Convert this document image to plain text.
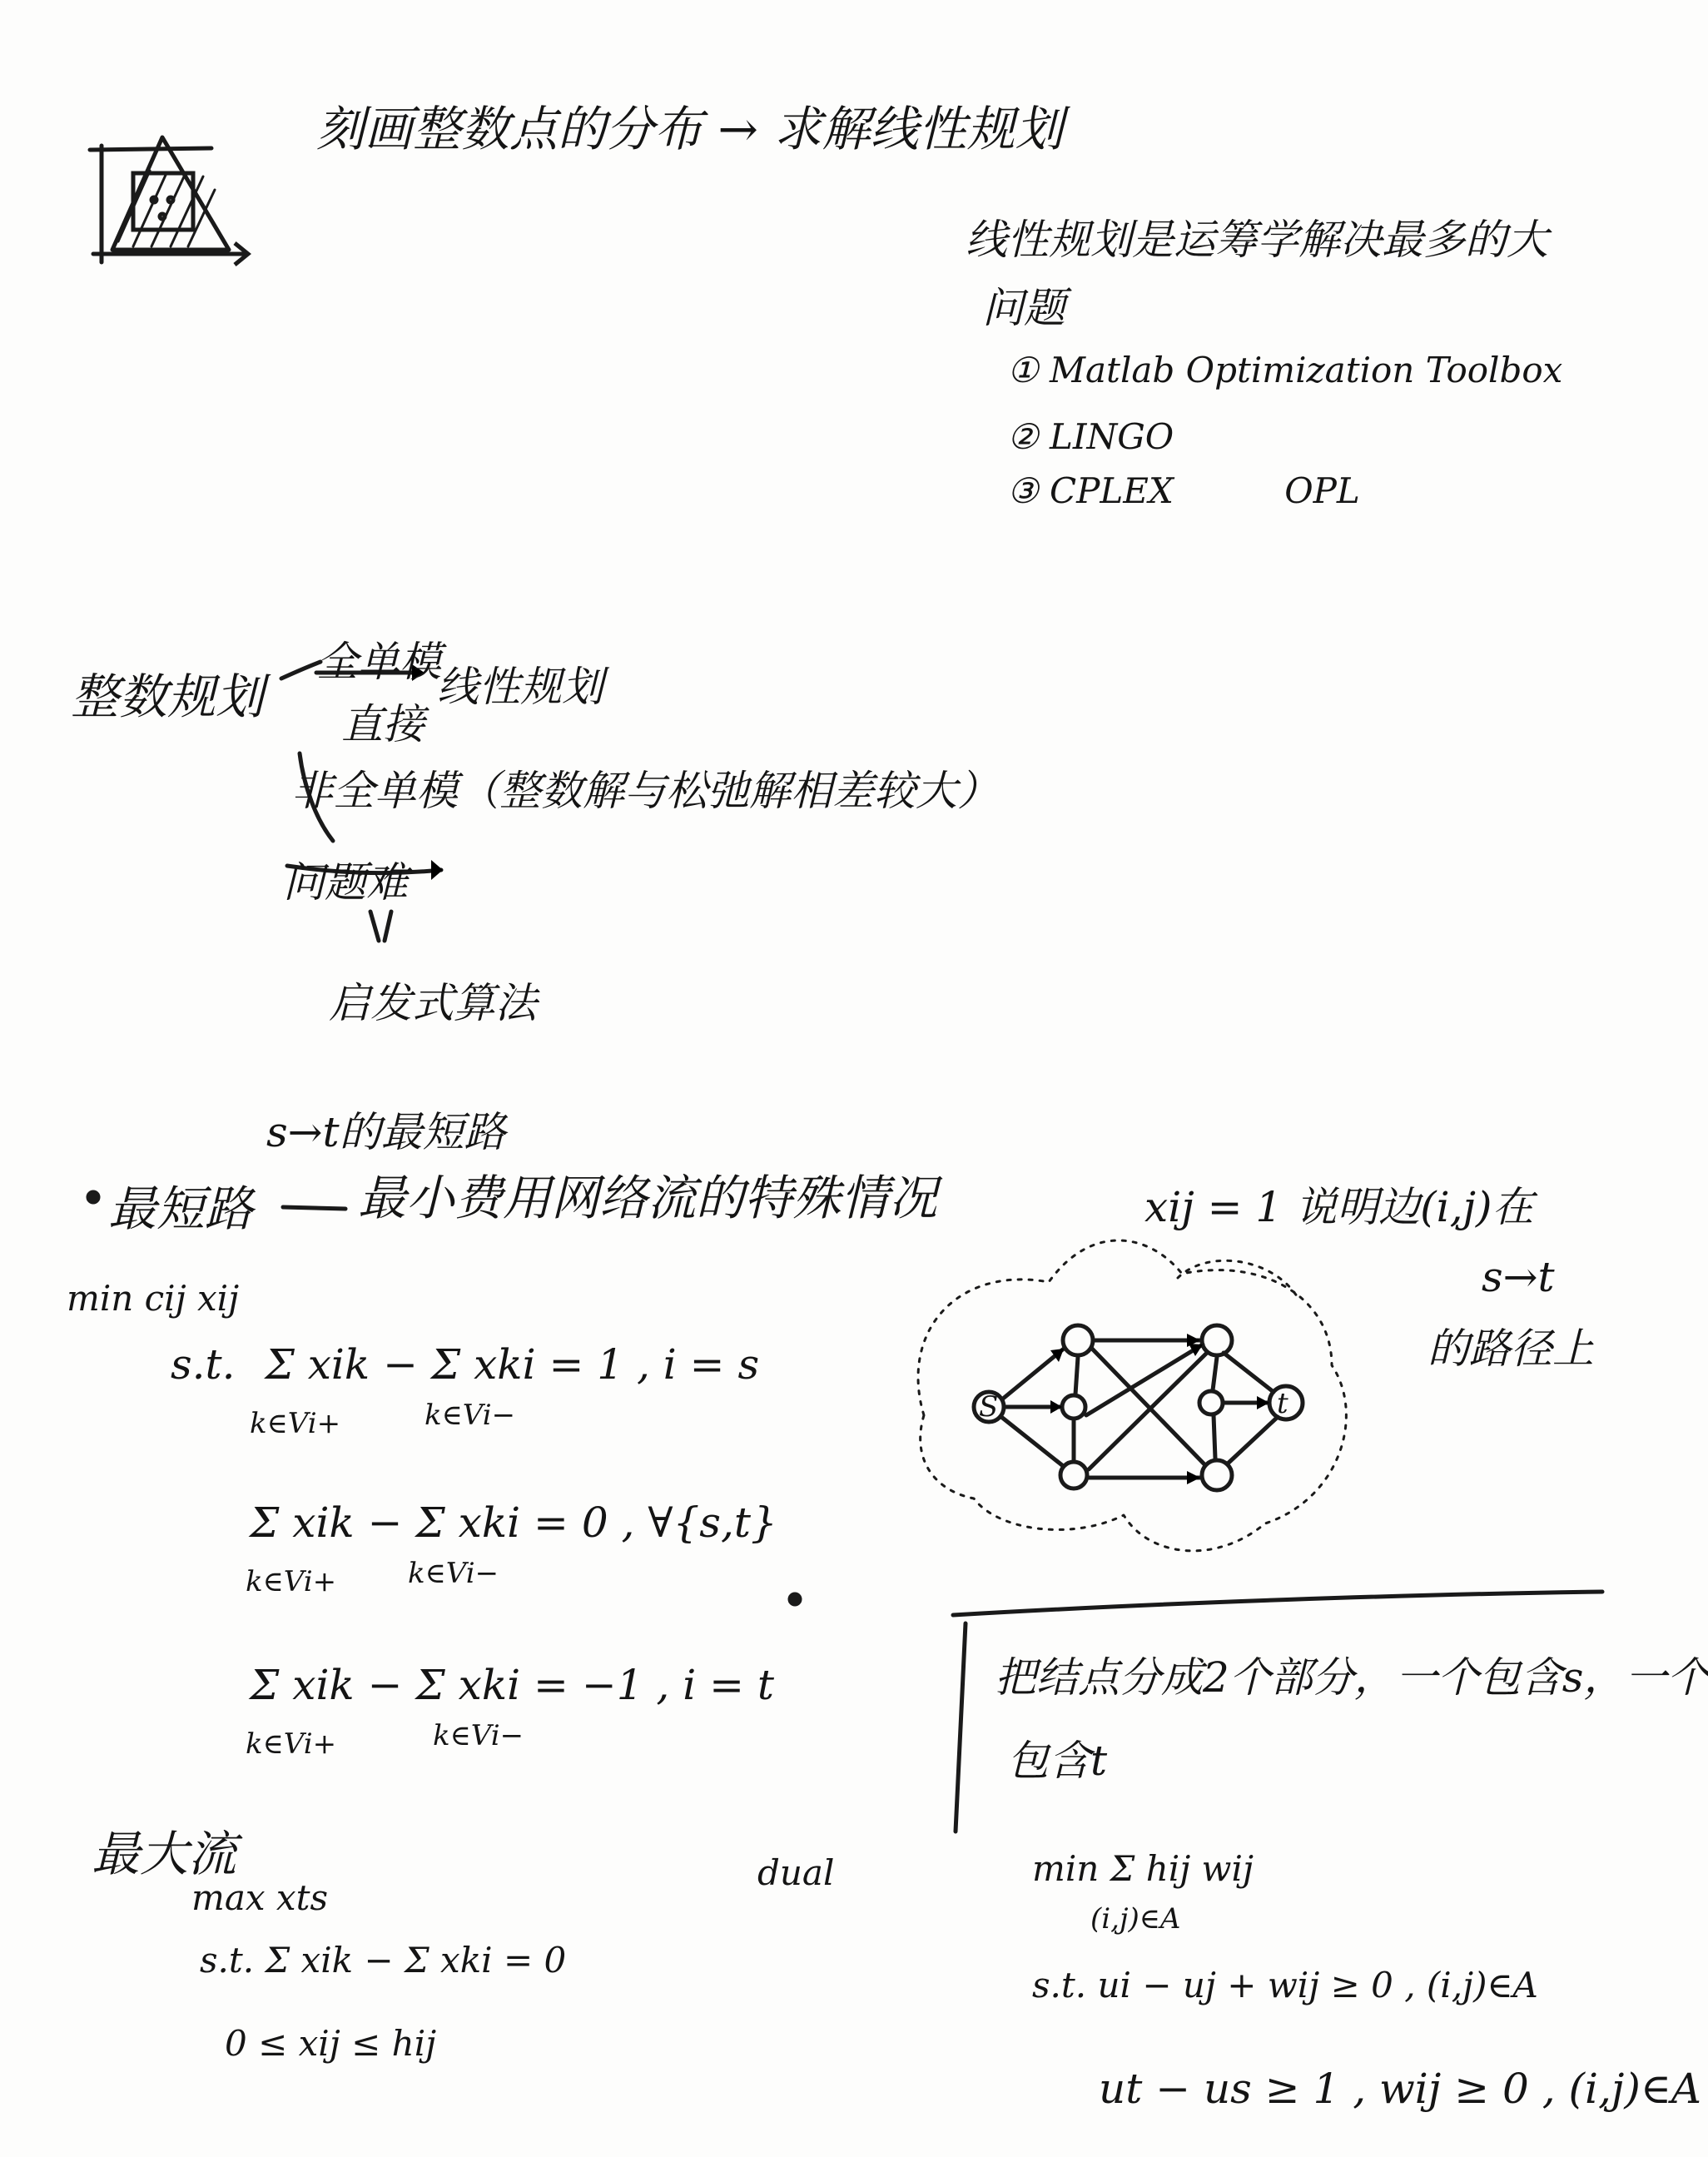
刻画整数点的分布 → 求解线性规划
线性规划是运筹学解决最多的大
问题
① Matlab Optimization Toolbox
② LINGO
③ CPLEX	OPL
整数规划
全单模
线性规划
直接
非全单模（整数解与松弛解相差较大）
问题难
启发式算法
s→t的最短路
最短路 最小费用网络流的特殊情况
min cij xij
s.t. Σ xik − Σ xki = 1 , i = s
k∈Vi+	k∈Vi−
Σ xik − Σ xki = 0 , ∀{s,t}
k∈Vi+	k∈Vi−
Σ xik − Σ xki = −1 , i = t
k∈Vi+	k∈Vi−
xij = 1 说明边(i,j)在
s→t
的路径上
S	t
最大流
max xts
s.t. Σ xik − Σ xki = 0
0 ≤ xij ≤ hij
dual
把结点分成2个部分，一个包含s，一个
包含t
min Σ hij wij
(i,j)∈A
s.t. ui − uj + wij ≥ 0 , (i,j)∈A
ut − us ≥ 1 , wij ≥ 0 , (i,j)∈A
